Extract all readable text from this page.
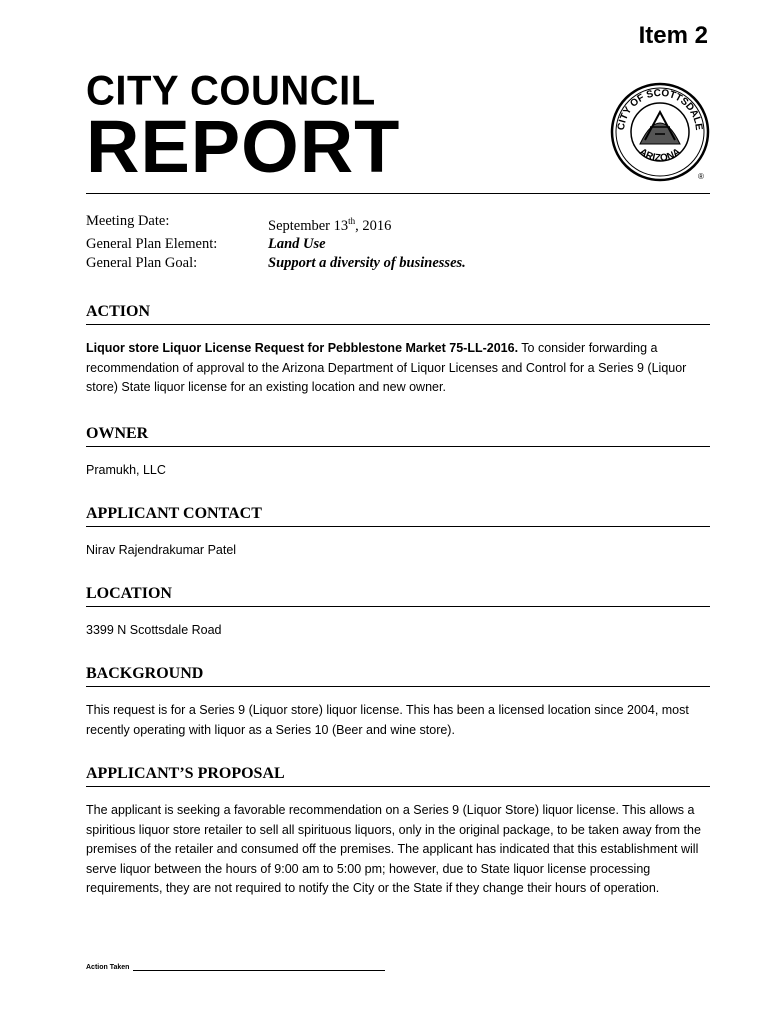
Item 2
CITY COUNCIL
REPORT	CITY OF SCOTTSDALE
ARIZONA
®
Meeting Date:	September 13th, 2016
General Plan Element:	Land Use
General Plan Goal:	Support a diversity of businesses.
ACTION

Liquor store Liquor License Request for Pebblestone Market 75-LL-2016. To consider forwarding a recommendation of approval to the Arizona Department of Liquor Licenses and Control for a Series 9 (Liquor store) State liquor license for an existing location and new owner.

OWNER

Pramukh, LLC

APPLICANT CONTACT

Nirav Rajendrakumar Patel

LOCATION

3399 N Scottsdale Road

BACKGROUND

This request is for a Series 9 (Liquor store) liquor license. This has been a licensed location since 2004, most recently operating with liquor as a Series 10 (Beer and wine store).

APPLICANT’S PROPOSAL

The applicant is seeking a favorable recommendation on a Series 9 (Liquor Store) liquor license. This allows a spiritious liquor store retailer to sell all spirituous liquors, only in the original package, to be taken away from the premises of the retailer and consumed off the premises. The applicant has indicated that this establishment will serve liquor between the hours of 9:00 am to 5:00 pm; however, due to State liquor license processing requirements, they are not required to notify the City or the State if they change their hours of operation.

Action Taken
